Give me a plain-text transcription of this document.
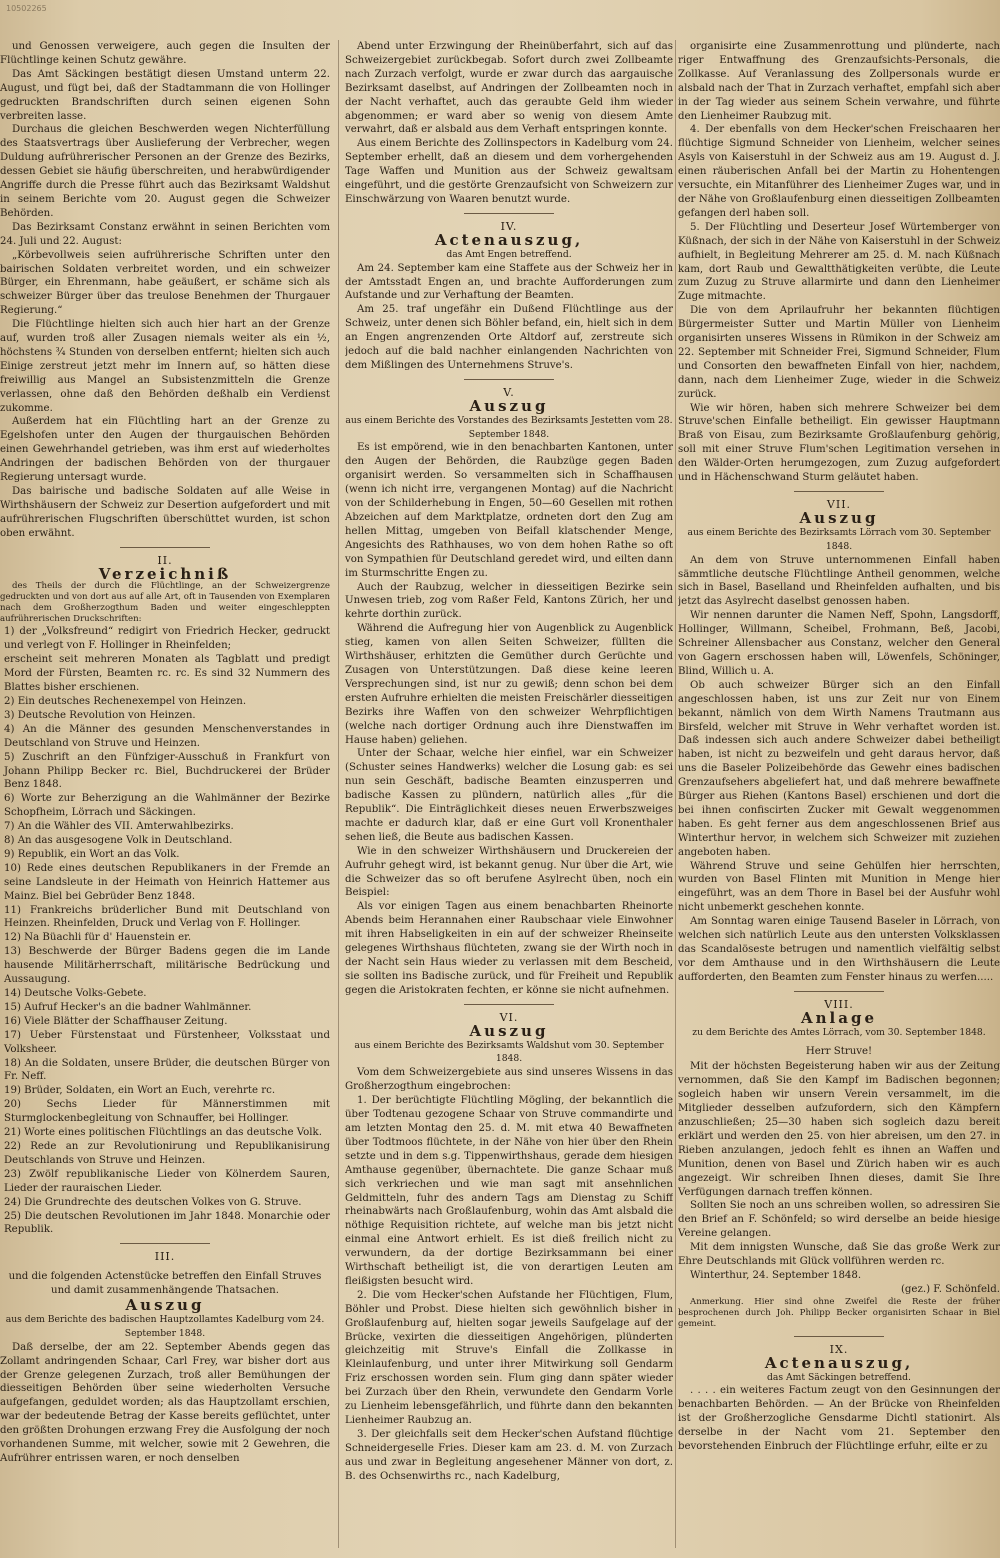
10502265

und Genossen verweigere, auch gegen die Insulten der Flüchtlinge keinen Schutz gewähre.

Das Amt Säckingen bestätigt diesen Umstand unterm 22. August, und fügt bei, daß der Stadtammann die von Hollinger gedruckten Brandschriften durch seinen eigenen Sohn verbreiten lasse.

Durchaus die gleichen Beschwerden wegen Nichterfüllung des Staatsvertrags über Auslieferung der Verbrecher, wegen Duldung aufrührerischer Personen an der Grenze des Bezirks, dessen Gebiet sie häufig überschreiten, und herabwürdigender Angriffe durch die Presse führt auch das Bezirksamt Waldshut in seinem Berichte vom 20. August gegen die Schweizer Behörden.

Das Bezirksamt Constanz erwähnt in seinen Berichten vom 24. Juli und 22. August:

„Körbevollweis seien aufrührerische Schriften unter den bairischen Soldaten verbreitet worden, und ein schweizer Bürger, ein Ehrenmann, habe geäußert, er schäme sich als schweizer Bürger über das treulose Benehmen der Thurgauer Regierung.“

Die Flüchtlinge hielten sich auch hier hart an der Grenze auf, wurden troß aller Zusagen niemals weiter als ein ½, höchstens ¾ Stunden von derselben entfernt; hielten sich auch Einige zerstreut jetzt mehr im Innern auf, so hätten diese freiwillig aus Mangel an Subsistenzmitteln die Grenze verlassen, ohne daß den Behörden deßhalb ein Verdienst zukomme.

Außerdem hat ein Flüchtling hart an der Grenze zu Egelshofen unter den Augen der thurgauischen Behörden einen Gewehrhandel getrieben, was ihm erst auf wiederholtes Andringen der badischen Behörden von der thurgauer Regierung untersagt wurde.

Das bairische und badische Soldaten auf alle Weise in Wirthshäusern der Schweiz zur Desertion aufgefordert und mit aufrührerischen Flugschriften überschüttet wurden, ist schon oben erwähnt.

II.

Verzeichniß

des Theils der durch die Flüchtlinge, an der Schweizergrenze gedruckten und von dort aus auf alle Art, oft in Tausenden von Exemplaren nach dem Großherzogthum Baden und weiter eingeschleppten aufrührerischen Druckschriften:

1) der „Volksfreund“ redigirt von Friedrich Hecker, gedruckt und verlegt von F. Hollinger in Rheinfelden;

erscheint seit mehreren Monaten als Tagblatt und predigt Mord der Fürsten, Beamten rc. rc. Es sind 32 Nummern des Blattes bisher erschienen.

2) Ein deutsches Rechenexempel von Heinzen.

3) Deutsche Revolution von Heinzen.

4) An die Männer des gesunden Menschenverstandes in Deutschland von Struve und Heinzen.

5) Zuschrift an den Fünfziger-Ausschuß in Frankfurt von Johann Philipp Becker rc. Biel, Buchdruckerei der Brüder Benz 1848.

6) Worte zur Beherzigung an die Wahlmänner der Bezirke Schopfheim, Lörrach und Säckingen.

7) An die Wähler des VII. Amterwahlbezirks.

8) An das ausgesogene Volk in Deutschland.

9) Republik, ein Wort an das Volk.

10) Rede eines deutschen Republikaners in der Fremde an seine Landsleute in der Heimath von Heinrich Hattemer aus Mainz. Biel bei Gebrüder Benz 1848.

11) Frankreichs brüderlicher Bund mit Deutschland von Heinzen. Rheinfelden, Druck und Verlag von F. Hollinger.

12) Na Büachli für d' Hauenstein er.

13) Beschwerde der Bürger Badens gegen die im Lande hausende Militärherrschaft, militärische Bedrückung und Aussaugung.

14) Deutsche Volks-Gebete.

15) Aufruf Hecker's an die badner Wahlmänner.

16) Viele Blätter der Schaffhauser Zeitung.

17) Ueber Fürstenstaat und Fürstenheer, Volksstaat und Volksheer.

18) An die Soldaten, unsere Brüder, die deutschen Bürger von Fr. Neff.

19) Brüder, Soldaten, ein Wort an Euch, verehrte rc.

20) Sechs Lieder für Männerstimmen mit Sturmglockenbegleitung von Schnauffer, bei Hollinger.

21) Worte eines politischen Flüchtlings an das deutsche Volk.

22) Rede an zur Revolutionirung und Republikanisirung Deutschlands von Struve und Heinzen.

23) Zwölf republikanische Lieder von Kölnerdem Sauren, Lieder der rauraischen Lieder.

24) Die Grundrechte des deutschen Volkes von G. Struve.

25) Die deutschen Revolutionen im Jahr 1848. Monarchie oder Republik.

III.

und die folgenden Actenstücke betreffen den Einfall Struves und damit zusammenhängende Thatsachen.

Auszug

aus dem Berichte des badischen Hauptzollamtes Kadelburg vom 24. September 1848.

Daß derselbe, der am 22. September Abends gegen das Zollamt andringenden Schaar, Carl Frey, war bisher dort aus der Grenze gelegenen Zurzach, troß aller Bemühungen der diesseitigen Behörden über seine wiederholten Versuche aufgefangen, geduldet worden; als das Hauptzollamt erschien, war der bedeutende Betrag der Kasse bereits geflüchtet, unter den größten Drohungen erzwang Frey die Ausfolgung der noch vorhandenen Summe, mit welcher, sowie mit 2 Gewehren, die Aufrührer entrissen waren, er noch denselben

Abend unter Erzwingung der Rheinüberfahrt, sich auf das Schweizergebiet zurückbegab. Sofort durch zwei Zollbeamte nach Zurzach verfolgt, wurde er zwar durch das aargauische Bezirksamt daselbst, auf Andringen der Zollbeamten noch in der Nacht verhaftet, auch das geraubte Geld ihm wieder abgenommen; er ward aber so wenig von diesem Amte verwahrt, daß er alsbald aus dem Verhaft entspringen konnte.

Aus einem Berichte des Zollinspectors in Kadelburg vom 24. September erhellt, daß an diesem und dem vorhergehenden Tage Waffen und Munition aus der Schweiz gewaltsam eingeführt, und die gestörte Grenzaufsicht von Schweizern zur Einschwärzung von Waaren benutzt wurde.

IV.

Actenauszug,

das Amt Engen betreffend.

Am 24. September kam eine Staffete aus der Schweiz her in der Amtsstadt Engen an, und brachte Aufforderungen zum Aufstande und zur Verhaftung der Beamten.

Am 25. traf ungefähr ein Dußend Flüchtlinge aus der Schweiz, unter denen sich Böhler befand, ein, hielt sich in dem an Engen angrenzenden Orte Altdorf auf, zerstreute sich jedoch auf die bald nachher einlangenden Nachrichten von dem Mißlingen des Unternehmens Struve's.

V.

Auszug

aus einem Berichte des Vorstandes des Bezirksamts Jestetten vom 28. September 1848.

Es ist empörend, wie in den benachbarten Kantonen, unter den Augen der Behörden, die Raubzüge gegen Baden organisirt werden. So versammelten sich in Schaffhausen (wenn ich nicht irre, vergangenen Montag) auf die Nachricht von der Schilderhebung in Engen, 50—60 Gesellen mit rothen Abzeichen auf dem Marktplatze, ordneten dort den Zug am hellen Mittag, umgeben von Beifall klatschender Menge, Angesichts des Rathhauses, wo von dem hohen Rathe so oft von Sympathien für Deutschland geredet wird, und eilten dann im Sturmschritte Engen zu.

Auch der Raubzug, welcher in diesseitigen Bezirke sein Unwesen trieb, zog vom Raßer Feld, Kantons Zürich, her und kehrte dorthin zurück.

Während die Aufregung hier von Augenblick zu Augenblick stieg, kamen von allen Seiten Schweizer, füllten die Wirthshäuser, erhitzten die Gemüther durch Gerüchte und Zusagen von Unterstützungen. Daß diese keine leeren Versprechungen sind, ist nur zu gewiß; denn schon bei dem ersten Aufruhre erhielten die meisten Freischärler diesseitigen Bezirks ihre Waffen von den schweizer Wehrpflichtigen (welche nach dortiger Ordnung auch ihre Dienstwaffen im Hause haben) geliehen.

Unter der Schaar, welche hier einfiel, war ein Schweizer (Schuster seines Handwerks) welcher die Losung gab: es sei nun sein Geschäft, badische Beamten einzusperren und badische Kassen zu plündern, natürlich alles „für die Republik“. Die Einträglichkeit dieses neuen Erwerbszweiges machte er dadurch klar, daß er eine Gurt voll Kronenthaler sehen ließ, die Beute aus badischen Kassen.

Wie in den schweizer Wirthshäusern und Druckereien der Aufruhr gehegt wird, ist bekannt genug. Nur über die Art, wie die Schweizer das so oft berufene Asylrecht üben, noch ein Beispiel:

Als vor einigen Tagen aus einem benachbarten Rheinorte Abends beim Herannahen einer Raubschaar viele Einwohner mit ihren Habseligkeiten in ein auf der schweizer Rheinseite gelegenes Wirthshaus flüchteten, zwang sie der Wirth noch in der Nacht sein Haus wieder zu verlassen mit dem Bescheid, sie sollten ins Badische zurück, und für Freiheit und Republik gegen die Aristokraten fechten, er könne sie nicht aufnehmen.

VI.

Auszug

aus einem Berichte des Bezirksamts Waldshut vom 30. September 1848.

Vom dem Schweizergebiete aus sind unseres Wissens in das Großherzogthum eingebrochen:

1. Der berüchtigte Flüchtling Mögling, der bekanntlich die über Todtenau gezogene Schaar von Struve commandirte und am letzten Montag den 25. d. M. mit etwa 40 Bewaffneten über Todtmoos flüchtete, in der Nähe von hier über den Rhein setzte und in dem s.g. Tippenwirthshaus, gerade dem hiesigen Amthause gegenüber, übernachtete. Die ganze Schaar muß sich verkriechen und wie man sagt mit ansehnlichen Geldmitteln, fuhr des andern Tags am Dienstag zu Schiff rheinabwärts nach Großlaufenburg, wohin das Amt alsbald die nöthige Requisition richtete, auf welche man bis jetzt nicht einmal eine Antwort erhielt. Es ist dieß freilich nicht zu verwundern, da der dortige Bezirksammann bei einer Wirthschaft betheiligt ist, die von derartigen Leuten am fleißigsten besucht wird.

2. Die vom Hecker'schen Aufstande her Flüchtigen, Flum, Böhler und Probst. Diese hielten sich gewöhnlich bisher in Großlaufenburg auf, hielten sogar jeweils Saufgelage auf der Brücke, vexirten die diesseitigen Angehörigen, plünderten gleichzeitig mit Struve's Einfall die Zollkasse in Kleinlaufenburg, und unter ihrer Mitwirkung soll Gendarm Friz erschossen worden sein. Flum ging dann später wieder bei Zurzach über den Rhein, verwundete den Gendarm Vorle zu Lienheim lebensgefährlich, und führte dann den bekannten Lienheimer Raubzug an.

3. Der gleichfalls seit dem Hecker'schen Aufstand flüchtige Schneidergeselle Fries. Dieser kam am 23. d. M. von Zurzach aus und zwar in Begleitung angesehener Männer von dort, z. B. des Ochsenwirths rc., nach Kadelburg,

organisirte eine Zusammenrottung und plünderte, nach riger Entwaffnung des Grenzaufsichts-Personals, die Zollkasse. Auf Veranlassung des Zollpersonals wurde er alsbald nach der That in Zurzach verhaftet, empfahl sich aber in der Tag wieder aus seinem Schein verwahre, und führte den Lienheimer Raubzug mit.

4. Der ebenfalls von dem Hecker'schen Freischaaren her flüchtige Sigmund Schneider von Lienheim, welcher seines Asyls von Kaiserstuhl in der Schweiz aus am 19. August d. J. einen räuberischen Anfall bei der Martin zu Hohentengen versuchte, ein Mitanführer des Lienheimer Zuges war, und in der Nähe von Großlaufenburg einen diesseitigen Zollbeamten gefangen derl haben soll.

5. Der Flüchtling und Deserteur Josef Würtemberger von Küßnach, der sich in der Nähe von Kaiserstuhl in der Schweiz aufhielt, in Begleitung Mehrerer am 25. d. M. nach Küßnach kam, dort Raub und Gewaltthätigkeiten verübte, die Leute zum Zuzug zu Struve allarmirte und dann den Lienheimer Zuge mitmachte.

Die von dem Aprilaufruhr her bekannten flüchtigen Bürgermeister Sutter und Martin Müller von Lienheim organisirten unseres Wissens in Rümikon in der Schweiz am 22. September mit Schneider Frei, Sigmund Schneider, Flum und Consorten den bewaffneten Einfall von hier, nachdem, dann, nach dem Lienheimer Zuge, wieder in die Schweiz zurück.

Wie wir hören, haben sich mehrere Schweizer bei dem Struve'schen Einfalle betheiligt. Ein gewisser Hauptmann Braß von Eisau, zum Bezirksamte Großlaufenburg gehörig, soll mit einer Struve Flum'schen Legitimation versehen in den Wälder-Orten herumgezogen, zum Zuzug aufgefordert und in Hächenschwand Sturm geläutet haben.

VII.

Auszug

aus einem Berichte des Bezirksamts Lörrach vom 30. September 1848.

An dem von Struve unternommenen Einfall haben sämmtliche deutsche Flüchtlinge Antheil genommen, welche sich in Basel, Baselland und Rheinfelden aufhalten, und bis jetzt das Asylrecht daselbst genossen haben.

Wir nennen darunter die Namen Neff, Spohn, Langsdorff, Hollinger, Willmann, Scheibel, Frohmann, Beß, Jacobi, Schreiner Allensbacher aus Constanz, welcher den General von Gagern erschossen haben will, Löwenfels, Schöninger, Blind, Willich u. A.

Ob auch schweizer Bürger sich an den Einfall angeschlossen haben, ist uns zur Zeit nur von Einem bekannt, nämlich von dem Wirth Namens Trautmann aus Birsfeld, welcher mit Struve in Wehr verhaftet worden ist. Daß indessen sich auch andere Schweizer dabei betheiligt haben, ist nicht zu bezweifeln und geht daraus hervor, daß uns die Baseler Polizeibehörde das Gewehr eines badischen Grenzaufsehers abgeliefert hat, und daß mehrere bewaffnete Bürger aus Riehen (Kantons Basel) erschienen und dort die bei ihnen confiscirten Zucker mit Gewalt weggenommen haben. Es geht ferner aus dem angeschlossenen Brief aus Winterthur hervor, in welchem sich Schweizer mit zuziehen angeboten haben.

Während Struve und seine Gehülfen hier herrschten, wurden von Basel Flinten mit Munition in Menge hier eingeführt, was an dem Thore in Basel bei der Ausfuhr wohl nicht unbemerkt geschehen konnte.

Am Sonntag waren einige Tausend Baseler in Lörrach, von welchen sich natürlich Leute aus den untersten Volksklassen das Scandalöseste betrugen und namentlich vielfältig selbst vor dem Amthause und in den Wirthshäusern die Leute aufforderten, den Beamten zum Fenster hinaus zu werfen.....

VIII.

Anlage

zu dem Berichte des Amtes Lörrach, vom 30. September 1848.

Herr Struve!

Mit der höchsten Begeisterung haben wir aus der Zeitung vernommen, daß Sie den Kampf im Badischen begonnen; sogleich haben wir unsern Verein versammelt, im die Mitglieder desselben aufzufordern, sich den Kämpfern anzuschließen; 25—30 haben sich sogleich dazu bereit erklärt und werden den 25. von hier abreisen, um den 27. in Rieben anzulangen, jedoch fehlt es ihnen an Waffen und Munition, denen von Basel und Zürich haben wir es auch angezeigt. Wir schreiben Ihnen dieses, damit Sie Ihre Verfügungen darnach treffen können.

Sollten Sie noch an uns schreiben wollen, so adressiren Sie den Brief an F. Schönfeld; so wird derselbe an beide hiesige Vereine gelangen.

Mit dem innigsten Wunsche, daß Sie das große Werk zur Ehre Deutschlands mit Glück vollführen werden rc.

Winterthur, 24. September 1848.

(gez.) F. Schönfeld.

Anmerkung. Hier sind ohne Zweifel die Reste der früher besprochenen durch Joh. Philipp Becker organisirten Schaar in Biel gemeint.

IX.

Actenauszug,

das Amt Säckingen betreffend.

. . . . ein weiteres Factum zeugt von den Gesinnungen der benachbarten Behörden. — An der Brücke von Rheinfelden ist der Großherzogliche Gensdarme Dichtl stationirt. Als derselbe in der Nacht vom 21. September den bevorstehenden Einbruch der Flüchtlinge erfuhr, eilte er zu
